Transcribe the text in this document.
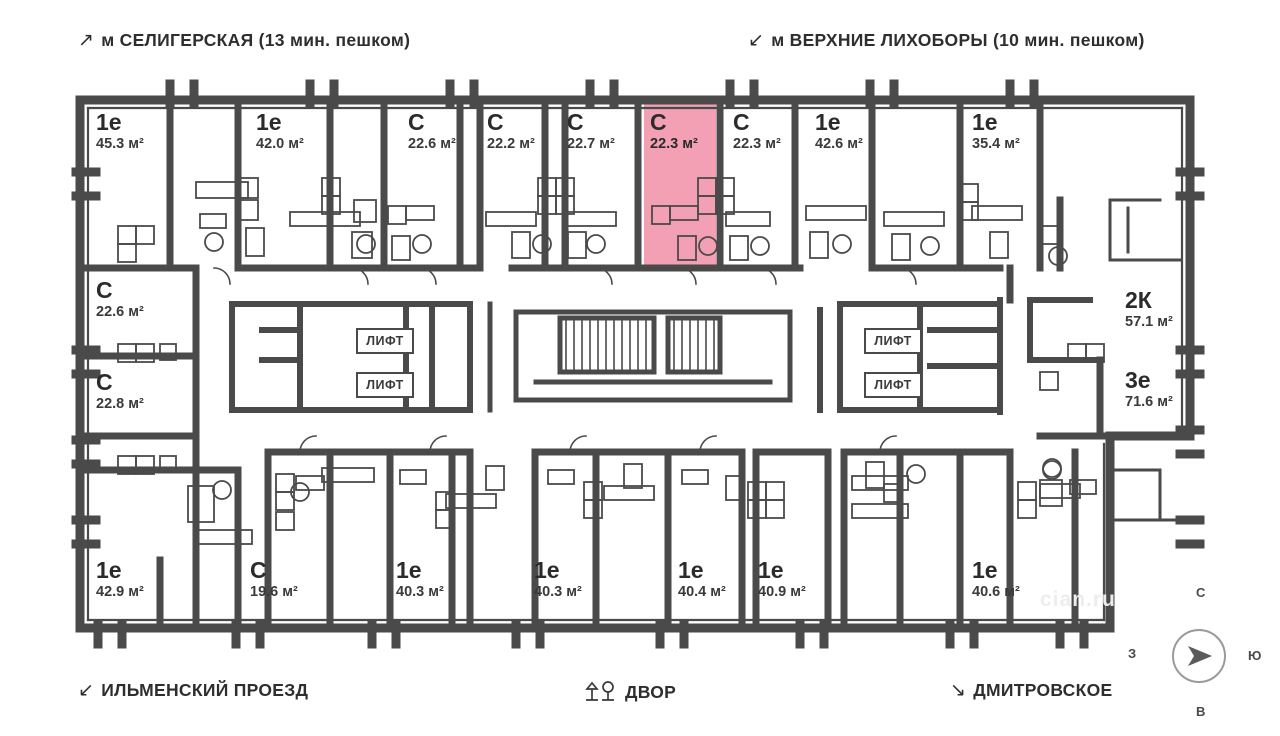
↗ м СЕЛИГЕРСКАЯ (13 мин. пешком)	↙ м ВЕРХНИЕ ЛИХОБОРЫ (10 мин. пешком)
ЛИФТ
ЛИФТ
ЛИФТ
ЛИФТ
1е
45.3 м²
1е
42.0 м²
С
22.6 м²
С
22.2 м²
С
22.7 м²
С
22.3 м²
С
22.3 м²
1е
42.6 м²
1е
35.4 м²
С
22.6 м²
С
22.8 м²
2К
57.1 м²
3е
71.6 м²
1е
42.9 м²
С
19.6 м²
1е
40.3 м²
1е
40.3 м²
1е
40.4 м²
1е
40.9 м²
1е
40.6 м² cian.ru	С
В
Ю
З
↙ ИЛЬМЕНСКИЙ ПРОЕЗД	ДВОР	↘ ДМИТРОВСКОЕ
